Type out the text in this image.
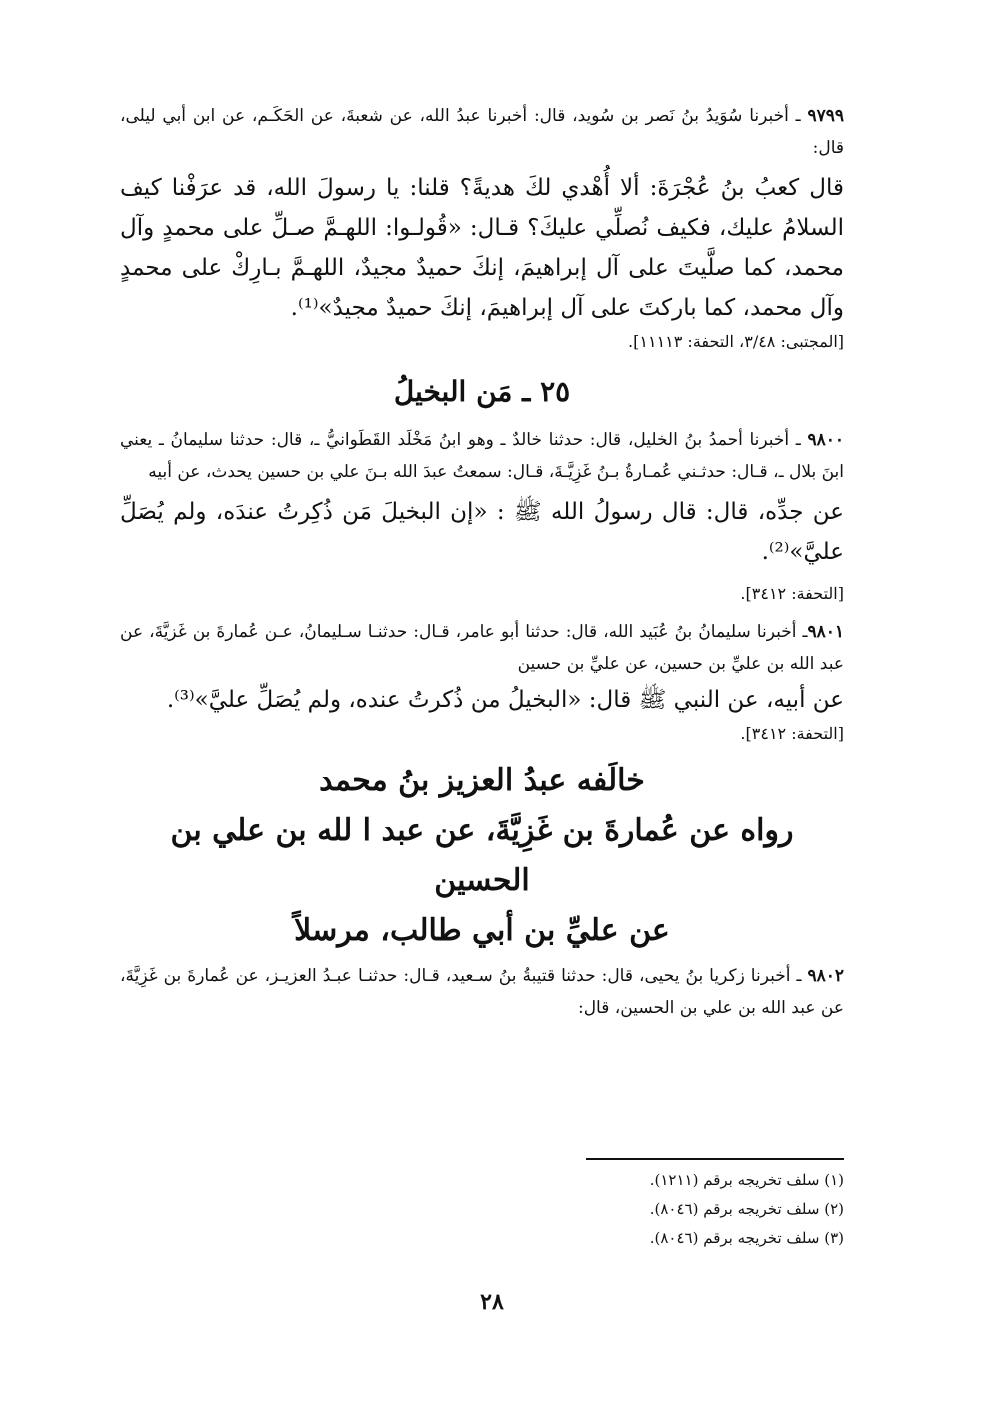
٩٧٩٩ ـ أخبرنا سُوَيدُ بنُ نَصر بن سُويد، قال: أخبرنا عبدُ الله، عن شعبةَ، عن الحَكَـم، عن ابن أبي ليلى، قال:

قال كعبُ بنُ عُجْرَةَ: ألا أُهْدي لكَ هديةً؟ قلنا: يا رسولَ الله، قد عرَفْنا كيف السلامُ عليك، فكيف نُصلِّي عليكَ؟ قـال: «قُولـوا: اللهـمَّ صـلِّ على محمدٍ وآل محمد، كما صلَّيتَ على آل إبراهيمَ، إنكَ حميدٌ مجيدٌ، اللهـمَّ بـارِكْ على محمدٍ وآل محمد، كما باركتَ على آل إبراهيمَ، إنكَ حميدٌ مجيدٌ»⁽¹⁾.

[المجتبى: ٣/٤٨، التحفة: ١١١١٣].

٢٥ ـ مَن البخيلُ

٩٨٠٠ ـ أخبرنا أحمدُ بنُ الخليل، قال: حدثنا خالدٌ ـ وهو ابنُ مَخْلَد القَطَوانيُّ ـ، قال: حدثنا سليمانُ ـ يعني ابنَ بلال ـ، قـال: حدثـني عُمـارةُ بـنُ غَزِيَّـةَ، قـال: سمعتُ عبدَ الله بـنَ علي بن حسين يحدث، عن أبيه

عن جدِّه، قال: قال رسولُ الله ﷺ : «إن البخيلَ مَن ذُكِرتُ عندَه، ولم يُصَلِّ عليَّ»⁽²⁾.

[التحفة: ٣٤١٢].

٩٨٠١ـ أخبرنا سليمانُ بنُ عُبَيد الله، قال: حدثنا أبو عامر، قـال: حدثنـا سـليمانُ، عـن عُمارةَ بن غَزيَّةَ، عن عبد الله بن عليِّ بن حسين، عن عليِّ بن حسين

عن أبيه، عن النبي ﷺ قال: «البخيلُ من ذُكرتُ عنده، ولم يُصَلِّ عليَّ»⁽³⁾.

[التحفة: ٣٤١٢].

خالَفه عبدُ العزيز بنُ محمد

رواه عن عُمارةَ بن غَزِيَّةَ، عن عبد ا لله بن علي بن الحسين

عن عليِّ بن أبي طالب، مرسلاً

٩٨٠٢ ـ أخبرنا زكريا بنُ يحيى، قال: حدثنا قتيبةُ بنُ سـعيد، قـال: حدثنـا عبـدُ العزيـز، عن عُمارةَ بن غَزِيَّةَ، عن عبد الله بن علي بن الحسين، قال:

(١) سلف تخريجه برقم (١٢١١).
(٢) سلف تخريجه برقم (٨٠٤٦).
(٣) سلف تخريجه برقم (٨٠٤٦).
٢٨
